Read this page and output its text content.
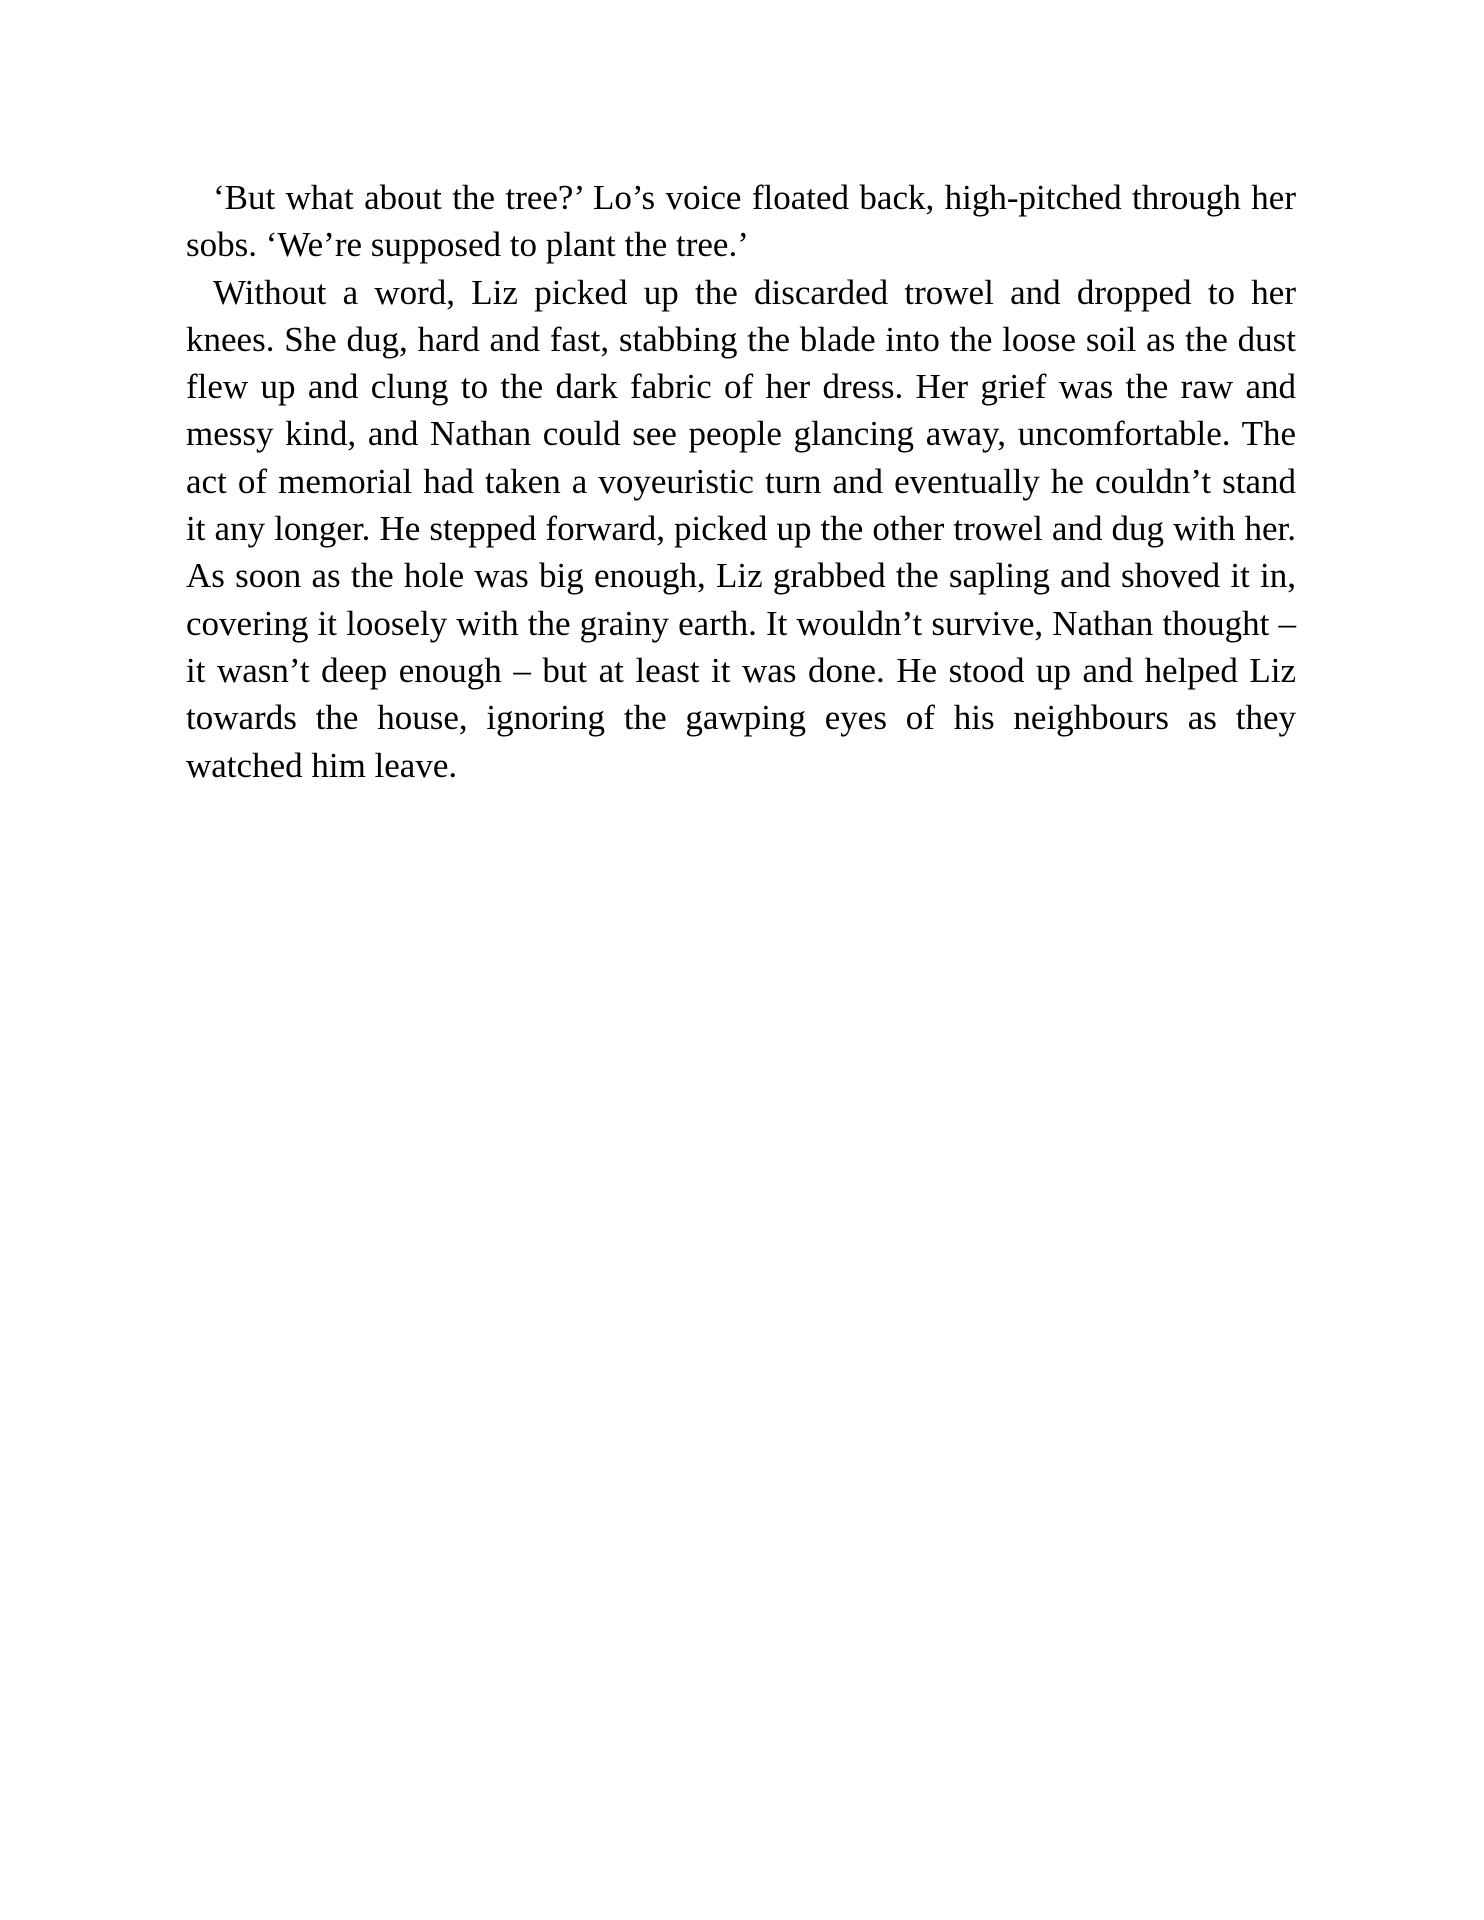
‘But what about the tree?’ Lo’s voice floated back, high-pitched through her sobs. ‘We’re supposed to plant the tree.’

Without a word, Liz picked up the discarded trowel and dropped to her knees. She dug, hard and fast, stabbing the blade into the loose soil as the dust flew up and clung to the dark fabric of her dress. Her grief was the raw and messy kind, and Nathan could see people glancing away, uncomfortable. The act of memorial had taken a voyeuristic turn and eventually he couldn’t stand it any longer. He stepped forward, picked up the other trowel and dug with her. As soon as the hole was big enough, Liz grabbed the sapling and shoved it in, covering it loosely with the grainy earth. It wouldn’t survive, Nathan thought – it wasn’t deep enough – but at least it was done. He stood up and helped Liz towards the house, ignoring the gawping eyes of his neighbours as they watched him leave.
